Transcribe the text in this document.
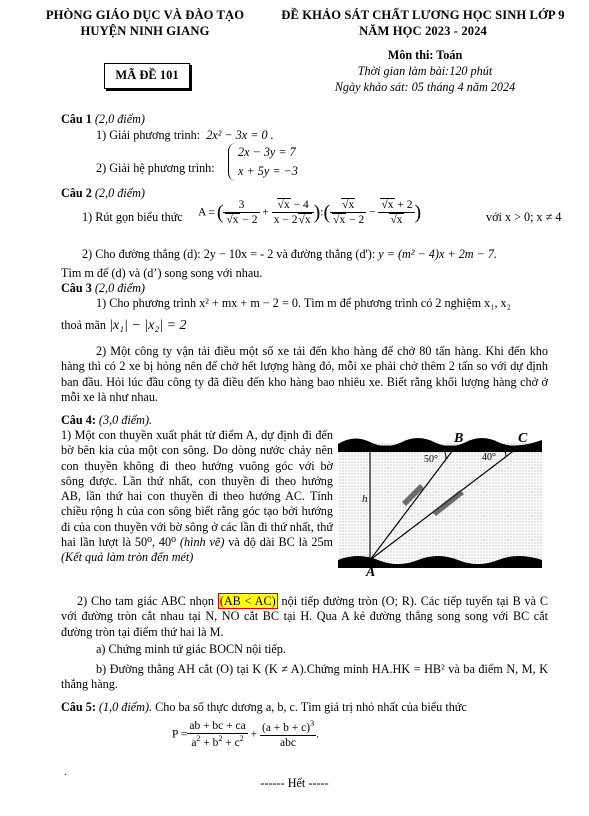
PHÒNG GIÁO DỤC VÀ ĐÀO TẠO
HUYỆN NINH GIANG
ĐỀ KHẢO SÁT CHẤT LƯƠNG HỌC SINH LỚP 9
NĂM HỌC 2023 - 2024
MÃ ĐỀ 101
Môn thi: Toán
Thời gian làm bài:120 phút
Ngày khảo sát: 05 tháng 4 năm 2024
Câu 1 (2,0 điểm)
1) Giải phương trình: 2x² − 3x = 0 .
2) Giải hệ phương trình:
2x − 3y = 7
x + 5y = −3
Câu 2 (2,0 điểm)
1) Rút gọn biểu thức A = ( $\frac{3}{√x - 2} + \frac{√x - 4}{x - 2√x}$ ):( $\frac{√x}{√x - 2} - \frac{√x + 2}{√x}$ )	với x > 0; x ≠ 4
2) Cho đường thẳng (d): 2y − 10x = - 2 và đường thẳng (d'): y = (m² − 4)x + 2m − 7.
Tìm m để (d) và (d’) song song với nhau.
Câu 3 (2,0 điểm)
1) Cho phương trình x² + mx + m − 2 = 0. Tìm m để phương trình có 2 nghiệm x₁, x₂
thoả mãn |x₁| − |x₂| = 2
2) Một công ty vận tải điều một số xe tải đến kho hàng để chở 80 tấn hàng. Khi đến kho hàng thì có 2 xe bị hỏng nên để chở hết lượng hàng đó, mỗi xe phải chở thêm 2 tấn so với dự định ban đầu. Hỏi lúc đầu công ty đã điều đến kho hàng bao nhiêu xe. Biết rằng khối lượng hàng chở ở mỗi xe là như nhau.
Câu 4: (3,0 điểm).
1) Một con thuyền xuất phát từ điểm A, dự định đi đến bờ bên kia của một con sông. Do dòng nước chảy nên con thuyền không đi theo hướng vuông góc với bờ sông được. Lần thứ nhất, con thuyền đi theo hướng AB, lần thứ hai con thuyền đi theo hướng AC. Tính chiều rộng h của con sông biết rằng góc tạo bởi hướng đi của con thuyền với bờ sông ở các lần đi thứ nhất, thứ hai lần lượt là 50⁰, 40⁰ (hình vẽ) và độ dài BC là 25m (Kết quả làm tròn đến mét)
B	C
A
h
50°	40°
2) Cho tam giác ABC nhọn (AB < AC) nội tiếp đường tròn (O; R). Các tiếp tuyến tại B và C với đường tròn cắt nhau tại N, NO cắt BC tại H. Qua A kẻ đường thẳng song song với BC cắt đường tròn tại điểm thứ hai là M.
a) Chứng minh tứ giác BOCN nội tiếp.
b) Đường thẳng AH cắt (O) tại K (K ≠ A).Chứng minh HA.HK = HB² và ba điểm N, M, K thẳng hàng.
Câu 5: (1,0 điểm). Cho ba số thực dương a, b, c. Tìm giá trị nhỏ nhất của biểu thức
$P = \frac{ab + bc + ca}{a^2 + b^2 + c^2} + \frac{(a + b + c)^3}{\text{abc}}$ .
.
------ Hết -----
